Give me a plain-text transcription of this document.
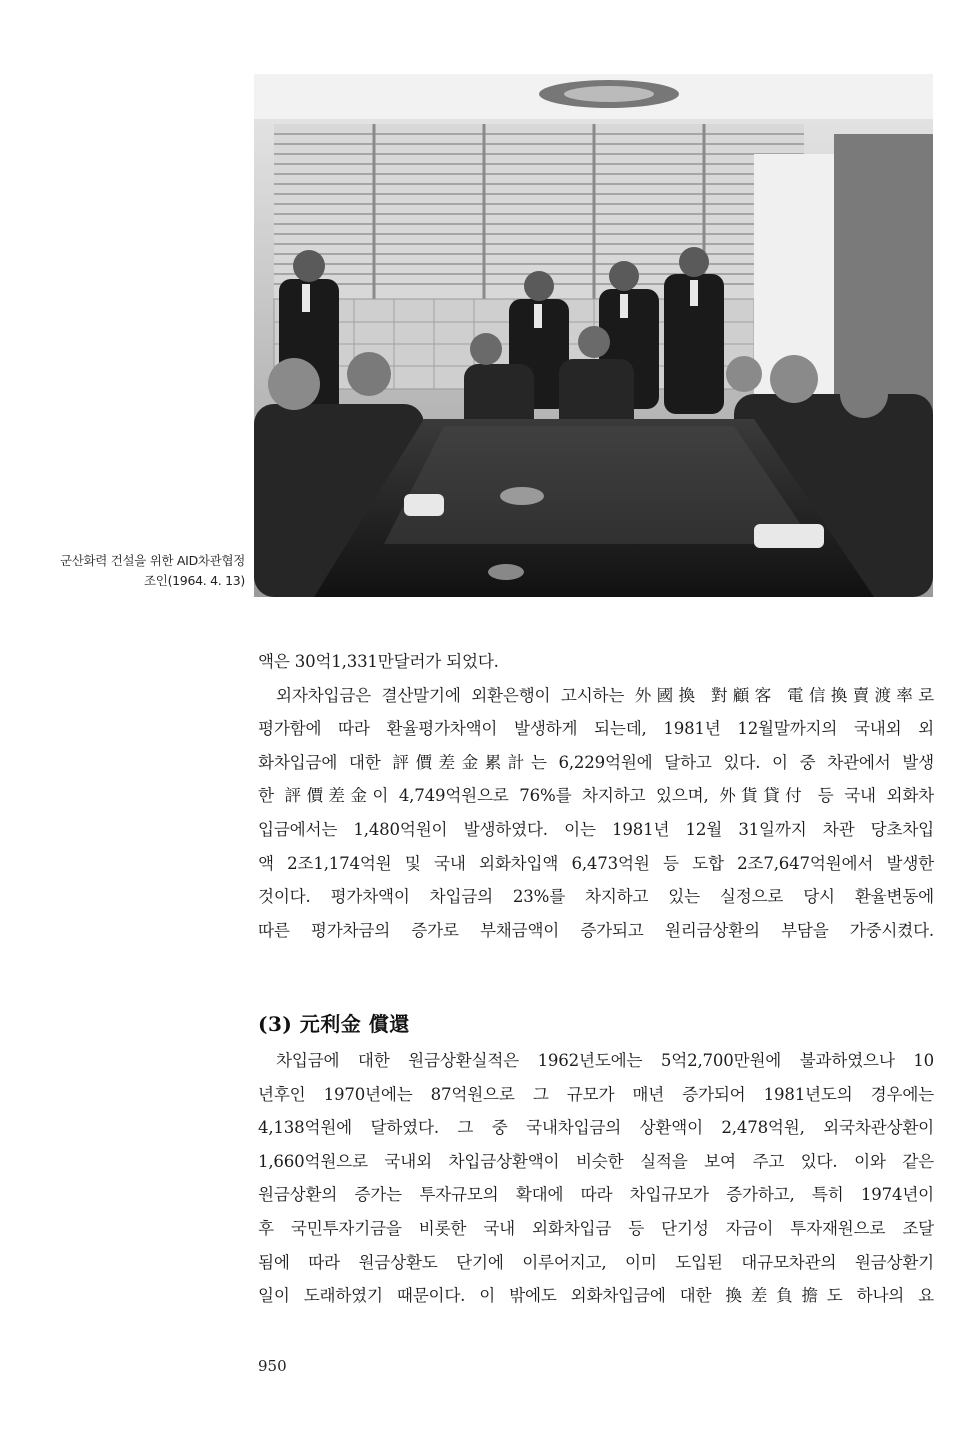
군산화력 건설을 위한 AID차관협정
조인(1964. 4. 13)
액은 30억1,331만달러가 되었다.
외자차입금은 결산말기에 외환은행이 고시하는 外國換 對顧客 電信換賣渡率로
평가함에 따라 환율평가차액이 발생하게 되는데, 1981년 12월말까지의 국내외 외
화차입금에 대한 評價差金累計는 6,229억원에 달하고 있다. 이 중 차관에서 발생
한 評價差金이 4,749억원으로 76%를 차지하고 있으며, 外貨貸付 등 국내 외화차
입금에서는 1,480억원이 발생하였다. 이는 1981년 12월 31일까지 차관 당초차입
액 2조1,174억원 및 국내 외화차입액 6,473억원 등 도합 2조7,647억원에서 발생한
것이다. 평가차액이 차입금의 23%를 차지하고 있는 실정으로 당시 환율변동에
따른 평가차금의 증가로 부채금액이 증가되고 원리금상환의 부담을 가중시켰다.
(3) 元利金 償還
차입금에 대한 원금상환실적은 1962년도에는 5억2,700만원에 불과하였으나 10
년후인 1970년에는 87억원으로 그 규모가 매년 증가되어 1981년도의 경우에는
4,138억원에 달하였다. 그 중 국내차입금의 상환액이 2,478억원, 외국차관상환이
1,660억원으로 국내외 차입금상환액이 비슷한 실적을 보여 주고 있다. 이와 같은
원금상환의 증가는 투자규모의 확대에 따라 차입규모가 증가하고, 특히 1974년이
후 국민투자기금을 비롯한 국내 외화차입금 등 단기성 자금이 투자재원으로 조달
됨에 따라 원금상환도 단기에 이루어지고, 이미 도입된 대규모차관의 원금상환기
일이 도래하였기 때문이다. 이 밖에도 외화차입금에 대한 換差負擔도 하나의 요
950
